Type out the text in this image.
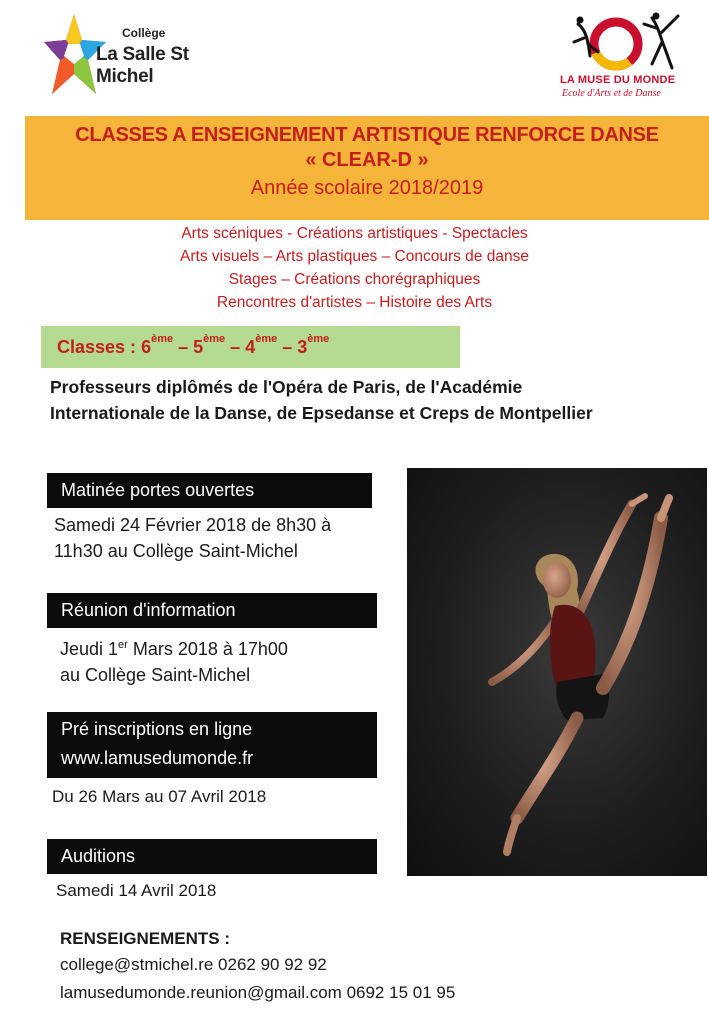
Collège
La Salle St Michel	LA MUSE DU MONDE
Ecole d'Arts et de Danse
CLASSES A ENSEIGNEMENT ARTISTIQUE RENFORCE DANSE
« CLEAR-D »
Année scolaire 2018/2019
Arts scéniques - Créations artistiques - Spectacles
Arts visuels – Arts plastiques – Concours de danse
Stages – Créations chorégraphiques
Rencontres d'artistes – Histoire des Arts
Classes : 6ème – 5ème – 4ème – 3ème
Professeurs diplômés de l'Opéra de Paris, de l'Académie
Internationale de la Danse, de Epsedanse et Creps de Montpellier
Matinée portes ouvertes
Samedi 24 Février 2018 de 8h30 à
11h30 au Collège Saint-Michel
Réunion d'information
Jeudi 1er Mars 2018 à 17h00
au Collège Saint-Michel
Pré inscriptions en ligne
www.lamusedumonde.fr
Du 26 Mars au 07 Avril 2018
Auditions
Samedi 14 Avril 2018
RENSEIGNEMENTS :
college@stmichel.re 0262 90 92 92
lamusedumonde.reunion@gmail.com 0692 15 01 95
